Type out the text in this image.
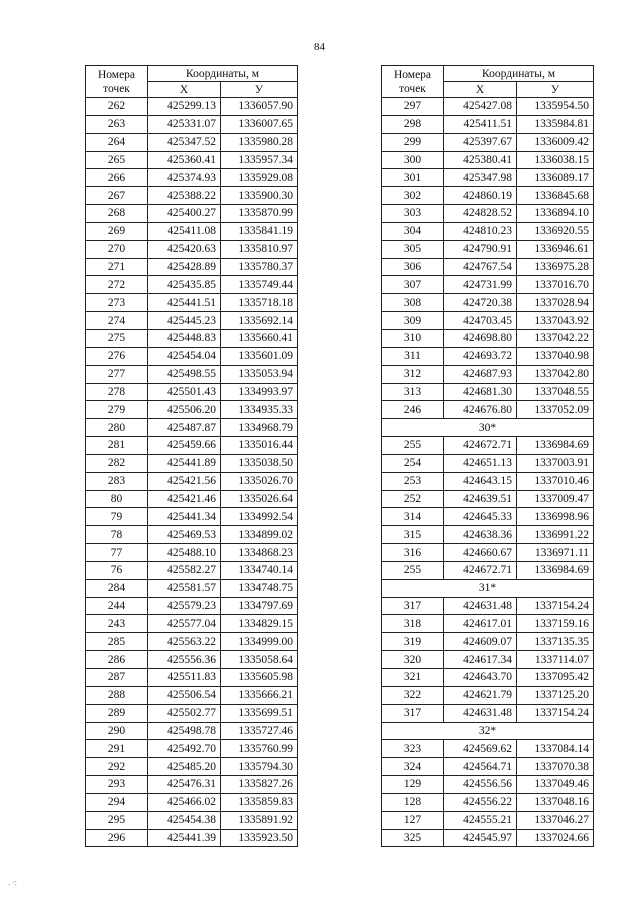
84
Номера точек	Координаты, м	
	X	У
262	425299.13	1336057.90
263	425331.07	1336007.65
264	425347.52	1335980.28
265	425360.41	1335957.34
266	425374.93	1335929.08
267	425388.22	1335900.30
268	425400.27	1335870.99
269	425411.08	1335841.19
270	425420.63	1335810.97
271	425428.89	1335780.37
272	425435.85	1335749.44
273	425441.51	1335718.18
274	425445.23	1335692.14
275	425448.83	1335660.41
276	425454.04	1335601.09
277	425498.55	1335053.94
278	425501.43	1334993.97
279	425506.20	1334935.33
280	425487.87	1334968.79
281	425459.66	1335016.44
282	425441.89	1335038.50
283	425421.56	1335026.70
80	425421.46	1335026.64
79	425441.34	1334992.54
78	425469.53	1334899.02
77	425488.10	1334868.23
76	425582.27	1334740.14
284	425581.57	1334748.75
244	425579.23	1334797.69
243	425577.04	1334829.15
285	425563.22	1334999.00
286	425556.36	1335058.64
287	425511.83	1335605.98
288	425506.54	1335666.21
289	425502.77	1335699.51
290	425498.78	1335727.46
291	425492.70	1335760.99
292	425485.20	1335794.30
293	425476.31	1335827.26
294	425466.02	1335859.83
295	425454.38	1335891.92
296	425441.39	1335923.50
Номера точек	Координаты, м	
	X	У
297	425427.08	1335954.50
298	425411.51	1335984.81
299	425397.67	1336009.42
300	425380.41	1336038.15
301	425347.98	1336089.17
302	424860.19	1336845.68
303	424828.52	1336894.10
304	424810.23	1336920.55
305	424790.91	1336946.61
306	424767.54	1336975.28
307	424731.99	1337016.70
308	424720.38	1337028.94
309	424703.45	1337043.92
310	424698.80	1337042.22
311	424693.72	1337040.98
312	424687.93	1337042.80
313	424681.30	1337048.55
246	424676.80	1337052.09
30*		
255	424672.71	1336984.69
254	424651.13	1337003.91
253	424643.15	1337010.46
252	424639.51	1337009.47
314	424645.33	1336998.96
315	424638.36	1336991.22
316	424660.67	1336971.11
255	424672.71	1336984.69
31*		
317	424631.48	1337154.24
318	424617.01	1337159.16
319	424609.07	1337135.35
320	424617.34	1337114.07
321	424643.70	1337095.42
322	424621.79	1337125.20
317	424631.48	1337154.24
32*		
323	424569.62	1337084.14
324	424564.71	1337070.38
129	424556.56	1337049.46
128	424556.22	1337048.16
127	424555.21	1337046.27
325	424545.97	1337024.66
. ·:
